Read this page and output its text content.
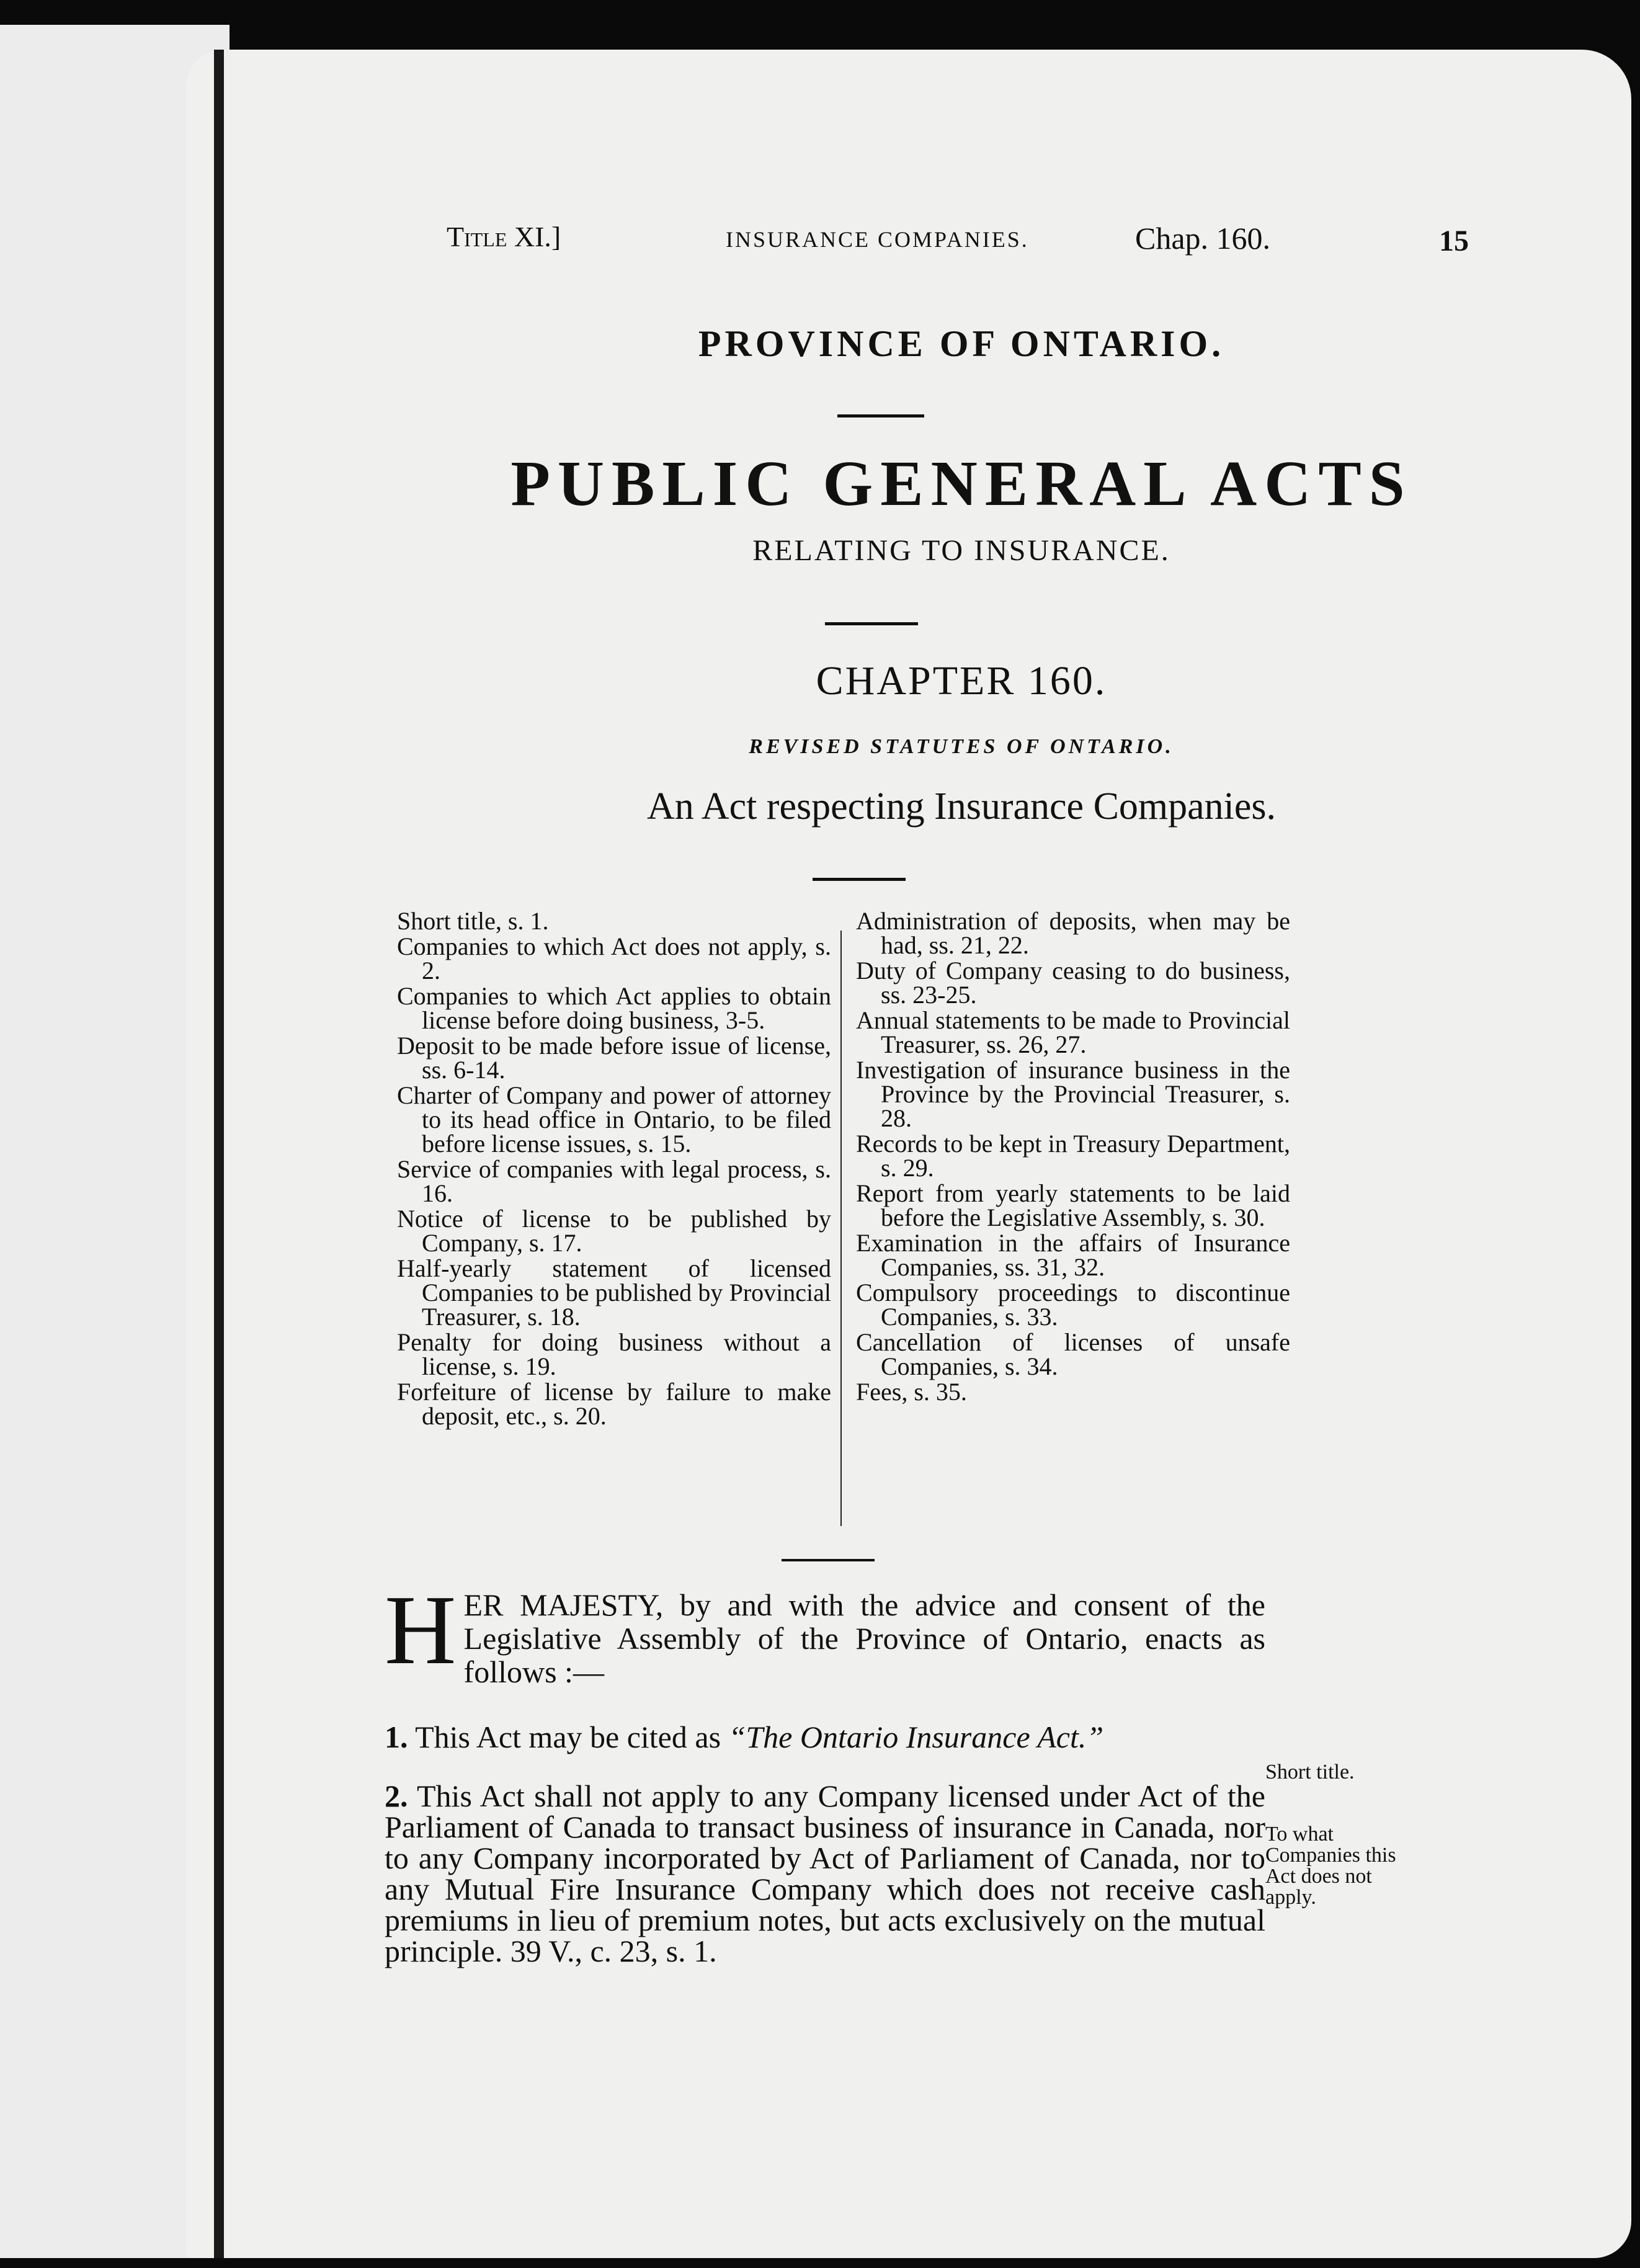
Title XI.]	INSURANCE COMPANIES.	Chap. 160.	15
PROVINCE OF ONTARIO.
PUBLIC GENERAL ACTS
RELATING TO INSURANCE.
CHAPTER 160.
REVISED STATUTES OF ONTARIO.
An Act respecting Insurance Companies.
Short title, s. 1.
Companies to which Act does not apply, s. 2.
Companies to which Act applies to obtain license before doing business, 3-5.
Deposit to be made before issue of license, ss. 6-14.
Charter of Company and power of attorney to its head office in Ontario, to be filed before license issues, s. 15.
Service of companies with legal process, s. 16.
Notice of license to be published by Company, s. 17.
Half-yearly statement of licensed Companies to be published by Provincial Treasurer, s. 18.
Penalty for doing business without a license, s. 19.
Forfeiture of license by failure to make deposit, etc., s. 20.
Administration of deposits, when may be had, ss. 21, 22.
Duty of Company ceasing to do business, ss. 23-25.
Annual statements to be made to Provincial Treasurer, ss. 26, 27.
Investigation of insurance business in the Province by the Provincial Treasurer, s. 28.
Records to be kept in Treasury Department, s. 29.
Report from yearly statements to be laid before the Legislative Assembly, s. 30.
Examination in the affairs of Insurance Companies, ss. 31, 32.
Compulsory proceedings to discontinue Companies, s. 33.
Cancellation of licenses of unsafe Companies, s. 34.
Fees, s. 35.
H ER MAJESTY, by and with the advice and consent of the Legislative Assembly of the Province of Ontario, enacts as follows :—
1. This Act may be cited as “The Ontario Insurance Act.”
Short title.
2. This Act shall not apply to any Company licensed under Act of the Parliament of Canada to transact business of insurance in Canada, nor to any Company incorporated by Act of Parliament of Canada, nor to any Mutual Fire Insurance Company which does not receive cash premiums in lieu of premium notes, but acts exclusively on the mutual principle. 39 V., c. 23, s. 1.
To what Companies this Act does not apply.
